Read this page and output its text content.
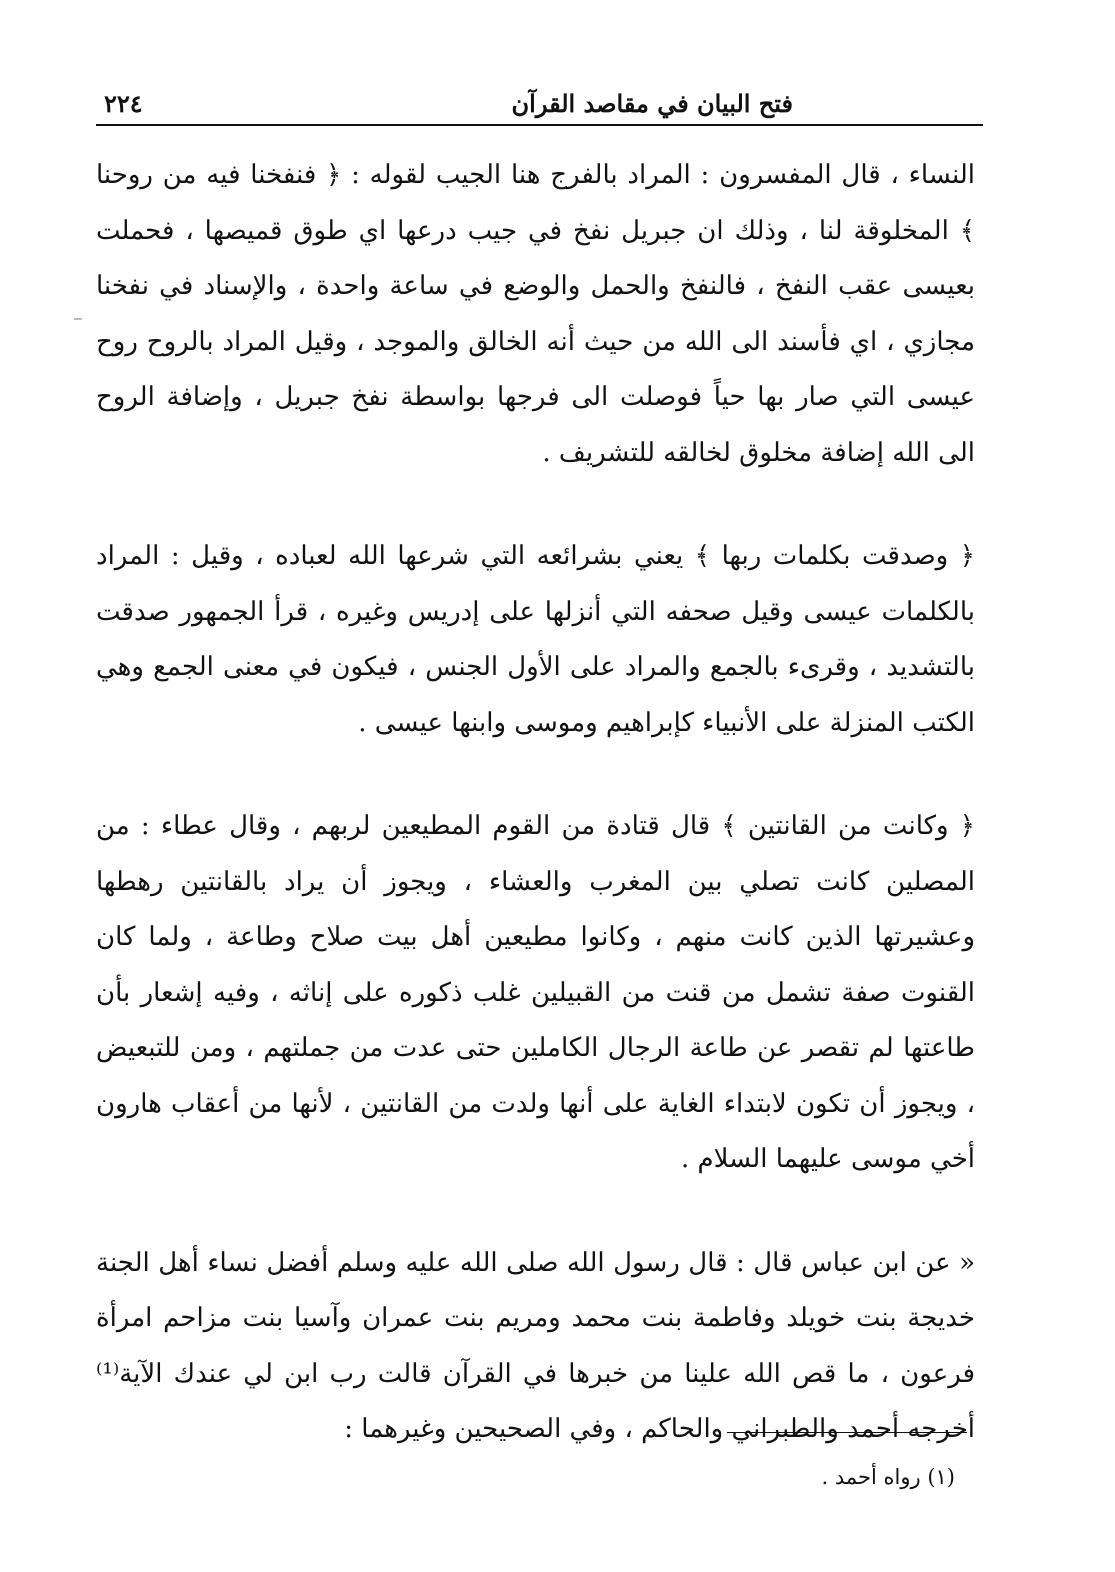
فتح البيان في مقاصد القرآن
٢٢٤

النساء ، قال المفسرون : المراد بالفرج هنا الجيب لقوله : ﴿ فنفخنا فيه من روحنا ﴾ المخلوقة لنا ، وذلك ان جبريل نفخ في جيب درعها اي طوق قميصها ، فحملت بعيسى عقب النفخ ، فالنفخ والحمل والوضع في ساعة واحدة ، والإسناد في نفخنا مجازي ، اي فأسند الى الله من حيث أنه الخالق والموجد ، وقيل المراد بالروح روح عيسى التي صار بها حياً فوصلت الى فرجها بواسطة نفخ جبريل ، وإضافة الروح الى الله إضافة مخلوق لخالقه للتشريف .

﴿ وصدقت بكلمات ربها ﴾ يعني بشرائعه التي شرعها الله لعباده ، وقيل : المراد بالكلمات عيسى وقيل صحفه التي أنزلها على إدريس وغيره ، قرأ الجمهور صدقت بالتشديد ، وقرىء بالجمع والمراد على الأول الجنس ، فيكون في معنى الجمع وهي الكتب المنزلة على الأنبياء كإبراهيم وموسى وابنها عيسى .

﴿ وكانت من القانتين ﴾ قال قتادة من القوم المطيعين لربهم ، وقال عطاء : من المصلين كانت تصلي بين المغرب والعشاء ، ويجوز أن يراد بالقانتين رهطها وعشيرتها الذين كانت منهم ، وكانوا مطيعين أهل بيت صلاح وطاعة ، ولما كان القنوت صفة تشمل من قنت من القبيلين غلب ذكوره على إناثه ، وفيه إشعار بأن طاعتها لم تقصر عن طاعة الرجال الكاملين حتى عدت من جملتهم ، ومن للتبعيض ، ويجوز أن تكون لابتداء الغاية على أنها ولدت من القانتين ، لأنها من أعقاب هارون أخي موسى عليهما السلام .

« عن ابن عباس قال : قال رسول الله صلى الله عليه وسلم أفضل نساء أهل الجنة خديجة بنت خويلد وفاطمة بنت محمد ومريم بنت عمران وآسيا بنت مزاحم امرأة فرعون ، ما قص الله علينا من خبرها في القرآن قالت رب ابن لي عندك الآية⁽¹⁾ أخرجه أحمد والطبراني والحاكم ، وفي الصحيحين وغيرهما :

(١) رواه أحمد .
